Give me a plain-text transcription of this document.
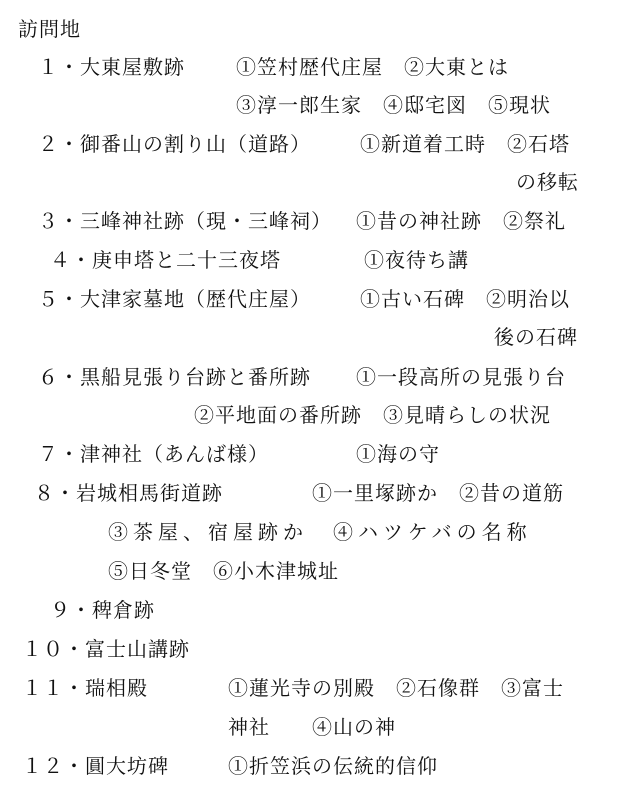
訪問地
１・大東屋敷跡	①笠村歴代庄屋　②大東とは
③淳一郎生家　④邸宅図　⑤現状
２・御番山の割り山（道路） ①新道着工時　②石塔
の移転
３・三峰神社跡（現・三峰祠） ①昔の神社跡　②祭礼
４・庚申塔と二十三夜塔	①夜待ち講
５・大津家墓地（歴代庄屋） ①古い石碑　②明治以
後の石碑
６・黒船見張り台跡と番所跡 ①一段高所の見張り台
②平地面の番所跡　③見晴らしの状況
７・津神社（あんば様）	①海の守
８・岩城相馬街道跡	①一里塚跡か　②昔の道筋
③茶屋、宿屋跡か　④ハツケバの名称
⑤日冬堂　⑥小木津城址
９・稗倉跡
１０・富士山講跡
１１・瑞相殿	①蓮光寺の別殿　②石像群　③富士
神社　　④山の神
１２・圓大坊碑	①折笠浜の伝統的信仰
